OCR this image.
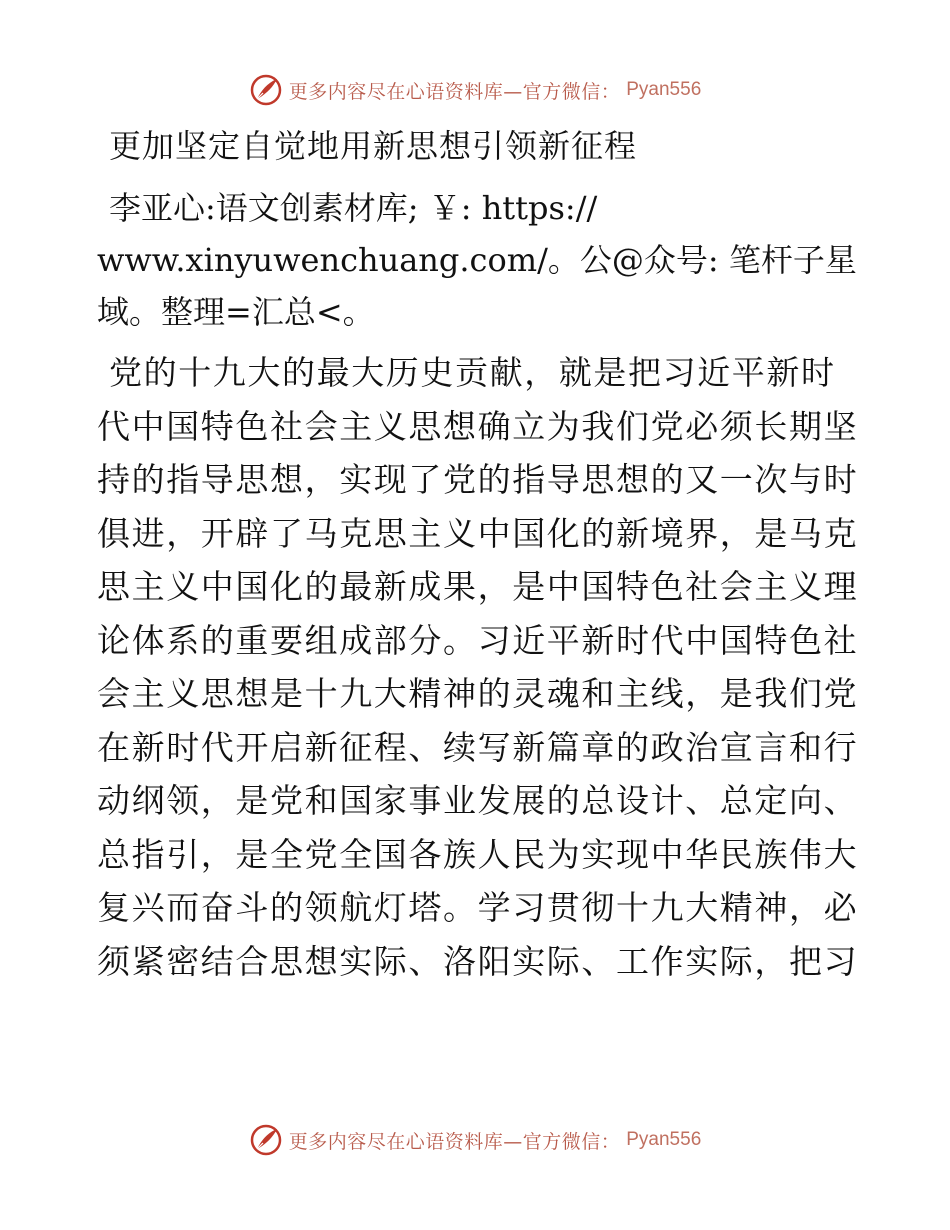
更多内容尽在心语资料库—官方微信： Pyan556
更加坚定自觉地用新思想引领新征程
李亚心:语文创素材库; ￥: https://
www.xinyuwenchuang.com/。公@众号: 笔杆子星
域。整理=汇总<。
党的十九大的最大历史贡献，就是把习近平新时
代中国特色社会主义思想确立为我们党必须长期坚
持的指导思想，实现了党的指导思想的又一次与时
俱进，开辟了马克思主义中国化的新境界，是马克
思主义中国化的最新成果，是中国特色社会主义理
论体系的重要组成部分。习近平新时代中国特色社
会主义思想是十九大精神的灵魂和主线，是我们党
在新时代开启新征程、续写新篇章的政治宣言和行
动纲领，是党和国家事业发展的总设计、总定向、
总指引，是全党全国各族人民为实现中华民族伟大
复兴而奋斗的领航灯塔。学习贯彻十九大精神，必
须紧密结合思想实际、洛阳实际、工作实际，把习
更多内容尽在心语资料库—官方微信： Pyan556
